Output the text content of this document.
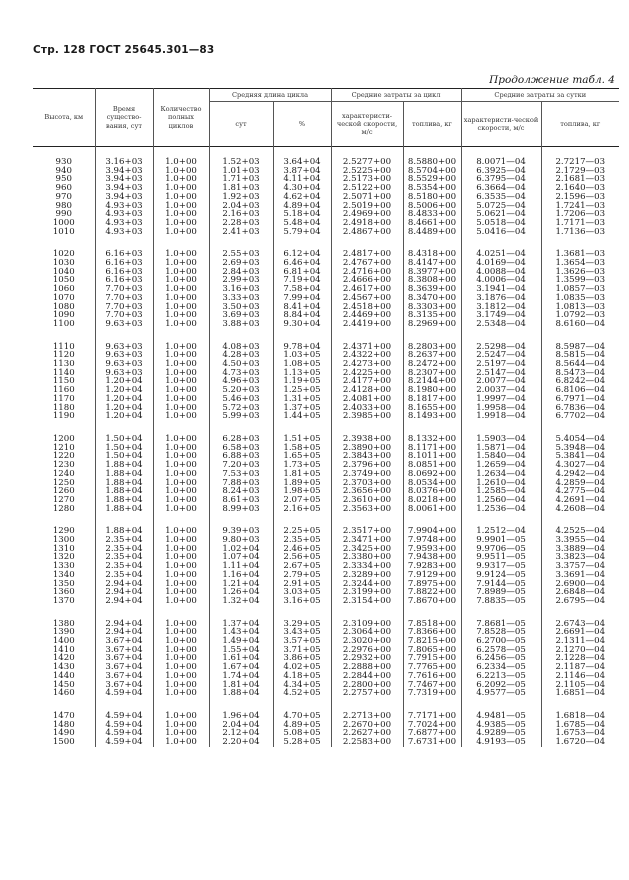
Стр. 128 ГОСТ 25645.301—83
Продолжение табл. 4
Высота, км	Время существо-вания, сут	Количество полных циклов	Средняя длина цикла		Средние затраты за цикл		Средние затраты за сутки	
			сут	%	характеристи-ческой скорости, м/с	топлива, кг	характеристи-ческой скорости, м/с	топлива, кг

930	3.16+03	1.0+00	1.52+03	3.64+04	2.5277+00	8.5880+00	8.0071—04	2.7217—03
940	3.94+03	1.0+00	1.01+03	3.87+04	2.5225+00	8.5704+00	6.3925—04	2.1729—03
950	3.94+03	1.0+00	1.71+03	4.11+04	2.5173+00	8.5529+00	6.3795—04	2.1681—03
960	3.94+03	1.0+00	1.81+03	4.30+04	2.5122+00	8.5354+00	6.3664—04	2.1640—03
970	3.94+03	1.0+00	1.92+03	4.62+04	2.5071+00	8.5180+00	6.3535—04	2.1596—03
980	4.93+03	1.0+00	2.04+03	4.89+04	2.5019+00	8.5006+00	5.0725—04	1.7241—03
990	4.93+03	1.0+00	2.16+03	5.18+04	2.4969+00	8.4833+00	5.0621—04	1.7206—03
1000	4.93+03	1.0+00	2.28+03	5.48+04	2.4918+00	8.4661+00	5.0518—04	1.7171—03
1010	4.93+03	1.0+00	2.41+03	5.79+04	2.4867+00	8.4489+00	5.0416—04	1.7136—03

1020	6.16+03	1.0+00	2.55+03	6.12+04	2.4817+00	8.4318+00	4.0251—04	1.3681—03
1030	6.16+03	1.0+00	2.69+03	6.46+04	2.4767+00	8.4147+00	4.0169—04	1.3654—03
1040	6.16+03	1.0+00	2.84+03	6.81+04	2.4716+00	8.3977+00	4.0088—04	1.3626—03
1050	6.16+03	1.0+00	2.99+03	7.19+04	2.4666+00	8.3808+00	4.0006—04	1.3599—03
1060	7.70+03	1.0+00	3.16+03	7.58+04	2.4617+00	8.3639+00	3.1941—04	1.0857—03
1070	7.70+03	1.0+00	3.33+03	7.99+04	2.4567+00	8.3470+00	3.1876—04	1.0835—03
1080	7.70+03	1.0+00	3.50+03	8.41+04	2.4518+00	8.3303+00	3.1812—04	1.0813—03
1090	7.70+03	1.0+00	3.69+03	8.84+04	2.4469+00	8.3135+00	3.1749—04	1.0792—03
1100	9.63+03	1.0+00	3.88+03	9.30+04	2.4419+00	8.2969+00	2.5348—04	8.6160—04

1110	9.63+03	1.0+00	4.08+03	9.78+04	2.4371+00	8.2803+00	2.5298—04	8.5987—04
1120	9.63+03	1.0+00	4.28+03	1.03+05	2.4322+00	8.2637+00	2.5247—04	8.5815—04
1130	9.63+03	1.0+00	4.50+03	1.08+05	2.4273+00	8.2472+00	2.5197—04	8.5644—04
1140	9.63+03	1.0+00	4.73+03	1.13+05	2.4225+00	8.2307+00	2.5147—04	8.5473—04
1150	1.20+04	1.0+00	4.96+03	1.19+05	2.4177+00	8.2144+00	2.0077—04	6.8242—04
1160	1.20+04	1.0+00	5.20+03	1.25+05	2.4128+00	8.1980+00	2.0037—04	6.8106—04
1170	1.20+04	1.0+00	5.46+03	1.31+05	2.4081+00	8.1817+00	1.9997—04	6.7971—04
1180	1.20+04	1.0+00	5.72+03	1.37+05	2.4033+00	8.1655+00	1.9958—04	6.7836—04
1190	1.20+04	1.0+00	5.99+03	1.44+05	2.3985+00	8.1493+00	1.9918—04	6.7702—04

1200	1.50+04	1.0+00	6.28+03	1.51+05	2.3938+00	8.1332+00	1.5903—04	5.4054—04
1210	1.50+04	1.0+00	6.58+03	1.58+05	2.3890+00	8.1171+00	1.5871—04	5.3948—04
1220	1.50+04	1.0+00	6.88+03	1.65+05	2.3843+00	8.1011+00	1.5840—04	5.3841—04
1230	1.88+04	1.0+00	7.20+03	1.73+05	2.3796+00	8.0851+00	1.2659—04	4.3027—04
1240	1.88+04	1.0+00	7.53+03	1.81+05	2.3749+00	8.0692+00	1.2634—04	4.2942—04
1250	1.88+04	1.0+00	7.88+03	1.89+05	2.3703+00	8.0534+00	1.2610—04	4.2859—04
1260	1.88+04	1.0+00	8.24+03	1.98+05	2.3656+00	8.0376+00	1.2585—04	4.2775—04
1270	1.88+04	1.0+00	8.61+03	2.07+05	2.3610+00	8.0218+00	1.2560—04	4.2691—04
1280	1.88+04	1.0+00	8.99+03	2.16+05	2.3563+00	8.0061+00	1.2536—04	4.2608—04

1290	1.88+04	1.0+00	9.39+03	2.25+05	2.3517+00	7.9904+00	1.2512—04	4.2525—04
1300	2.35+04	1.0+00	9.80+03	2.35+05	2.3471+00	7.9748+00	9.9901—05	3.3955—04
1310	2.35+04	1.0+00	1.02+04	2.46+05	2.3425+00	7.9593+00	9.9706—05	3.3889—04
1320	2.35+04	1.0+00	1.07+04	2.56+05	2.3380+00	7.9438+00	9.9511—05	3.3823—04
1330	2.35+04	1.0+00	1.11+04	2.67+05	2.3334+00	7.9283+00	9.9317—05	3.3757—04
1340	2.35+04	1.0+00	1.16+04	2.79+05	2.3289+00	7.9129+00	9.9124—05	3.3691—04
1350	2.94+04	1.0+00	1.21+04	2.91+05	2.3244+00	7.8975+00	7.9144—05	2.6900—04
1360	2.94+04	1.0+00	1.26+04	3.03+05	2.3199+00	7.8822+00	7.8989—05	2.6848—04
1370	2.94+04	1.0+00	1.32+04	3.16+05	2.3154+00	7.8670+00	7.8835—05	2.6795—04

1380	2.94+04	1.0+00	1.37+04	3.29+05	2.3109+00	7.8518+00	7.8681—05	2.6743—04
1390	2.94+04	1.0+00	1.43+04	3.43+05	2.3064+00	7.8366+00	7.8528—05	2.6691—04
1400	3.67+04	1.0+00	1.49+04	3.57+05	2.3020+00	7.8215+00	6.2700—05	2.1311—04
1410	3.67+04	1.0+00	1.55+04	3.71+05	2.2976+00	7.8065+00	6.2578—05	2.1270—04
1420	3.67+04	1.0+00	1.61+04	3.86+05	2.2932+00	7.7915+00	6.2456—05	2.1228—04
1430	3.67+04	1.0+00	1.67+04	4.02+05	2.2888+00	7.7765+00	6.2334—05	2.1187—04
1440	3.67+04	1.0+00	1.74+04	4.18+05	2.2844+00	7.7616+00	6.2213—05	2.1146—04
1450	3.67+04	1.0+00	1.81+04	4.34+05	2.2800+00	7.7467+00	6.2092—05	2.1105—04
1460	4.59+04	1.0+00	1.88+04	4.52+05	2.2757+00	7.7319+00	4.9577—05	1.6851—04

1470	4.59+04	1.0+00	1.96+04	4.70+05	2.2713+00	7.7171+00	4.9481—05	1.6818—04
1480	4.59+04	1.0+00	2.04+04	4.89+05	2.2670+00	7.7024+00	4.9385—05	1.6785—04
1490	4.59+04	1.0+00	2.12+04	5.08+05	2.2627+00	7.6877+00	4.9289—05	1.6753—04
1500	4.59+04	1.0+00	2.20+04	5.28+05	2.2583+00	7.6731+00	4.9193—05	1.6720—04
